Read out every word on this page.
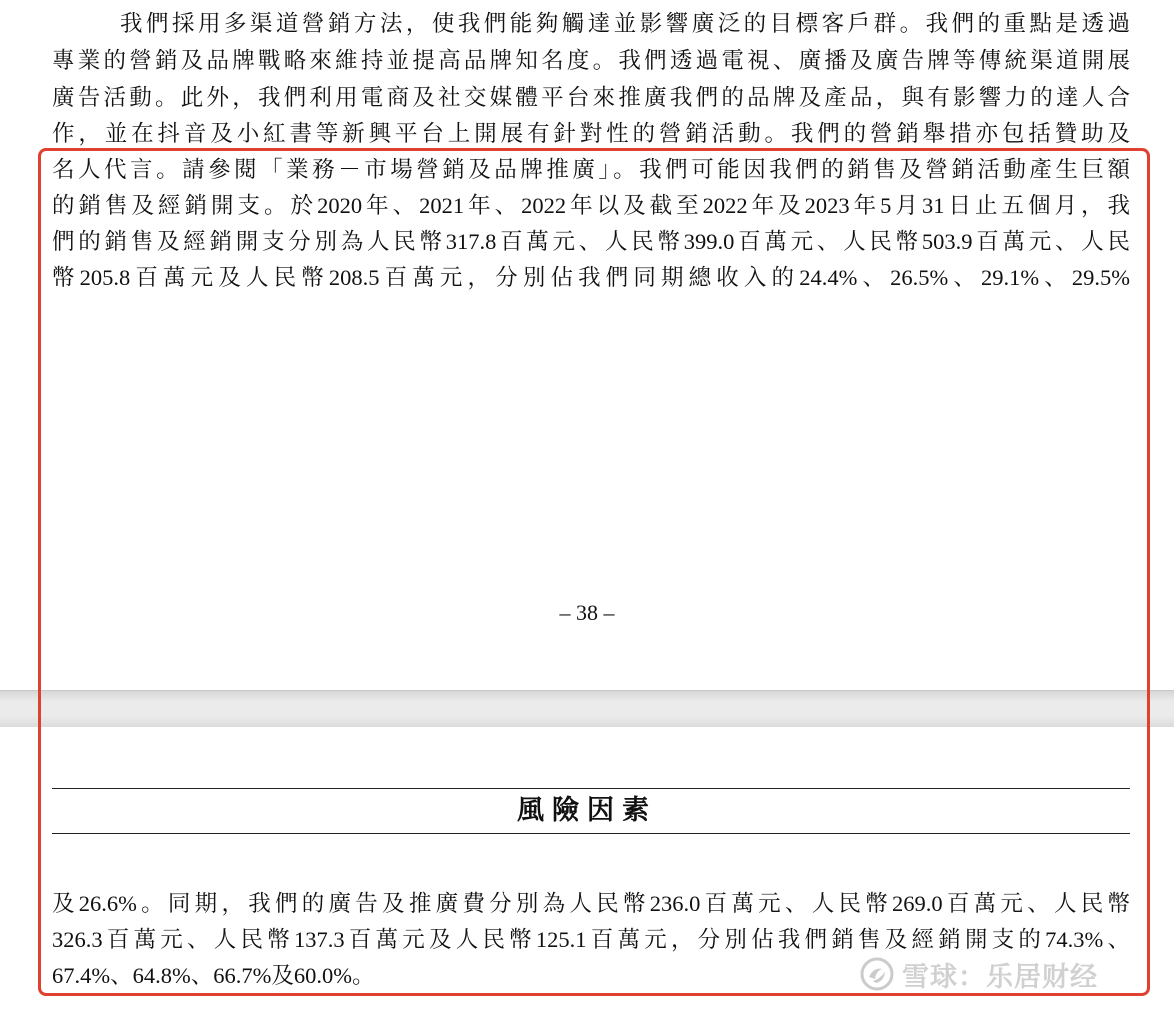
我們採用多渠道營銷方法，使我們能夠觸達並影響廣泛的目標客戶群。我們的重點是透過
專業的營銷及品牌戰略來維持並提高品牌知名度。我們透過電視、廣播及廣告牌等傳統渠道開展
廣告活動。此外，我們利用電商及社交媒體平台來推廣我們的品牌及產品，與有影響力的達人合
作，並在抖音及小紅書等新興平台上開展有針對性的營銷活動。我們的營銷舉措亦包括贊助及
名人代言。請參閱「業務－市場營銷及品牌推廣」。我們可能因我們的銷售及營銷活動產生巨額
的銷售及經銷開支。於2020年、2021年、2022年以及截至2022年及2023年5月31日止五個月，我
們的銷售及經銷開支分別為人民幣317.8百萬元、人民幣399.0百萬元、人民幣503.9百萬元、人民
幣205.8百萬元及人民幣208.5百萬元，分別佔我們同期總收入的24.4%、26.5%、29.1%、29.5%
– 38 –
風險因素
及26.6%。同期，我們的廣告及推廣費分別為人民幣236.0百萬元、人民幣269.0百萬元、人民幣
326.3百萬元、人民幣137.3百萬元及人民幣125.1百萬元，分別佔我們銷售及經銷開支的74.3%、
67.4%、64.8%、66.7%及60.0%。	雪球：乐居财经
